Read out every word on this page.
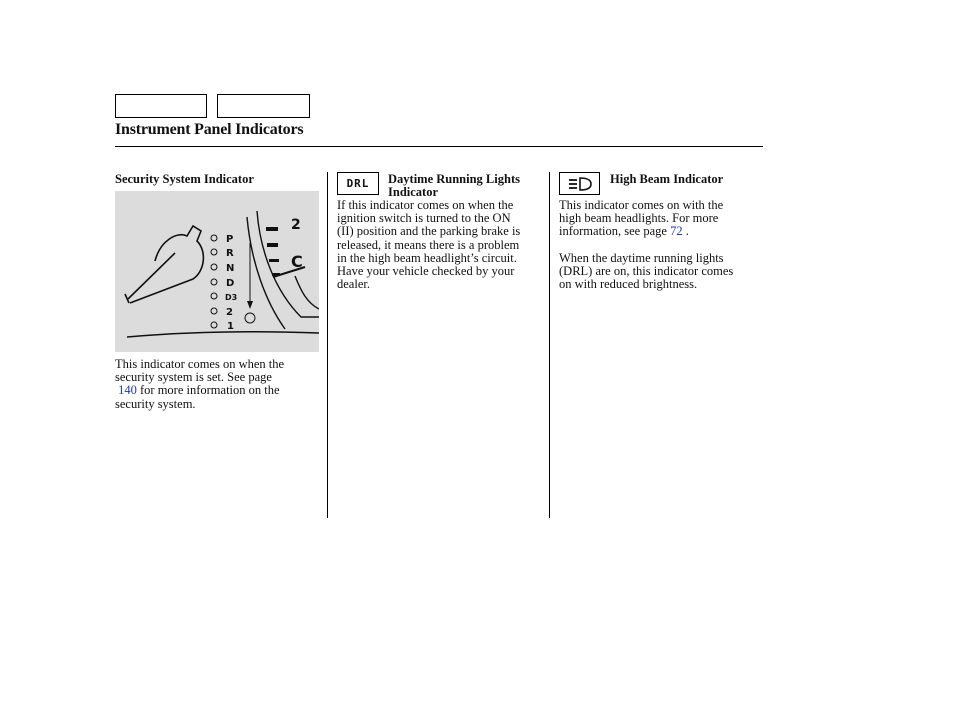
Instrument Panel Indicators
Security System Indicator
2
C
P
R
N
D
D3
2
1
This indicator comes on when the
security system is set. See page
140 for more information on the
security system.
DRL Daytime Running Lights
Indicator
If this indicator comes on when the
ignition switch is turned to the ON
(II) position and the parking brake is
released, it means there is a problem
in the high beam headlight’s circuit.
Have your vehicle checked by your
dealer.
High Beam Indicator
This indicator comes on with the
high beam headlights. For more
information, see page 72 .
When the daytime running lights
(DRL) are on, this indicator comes
on with reduced brightness.
